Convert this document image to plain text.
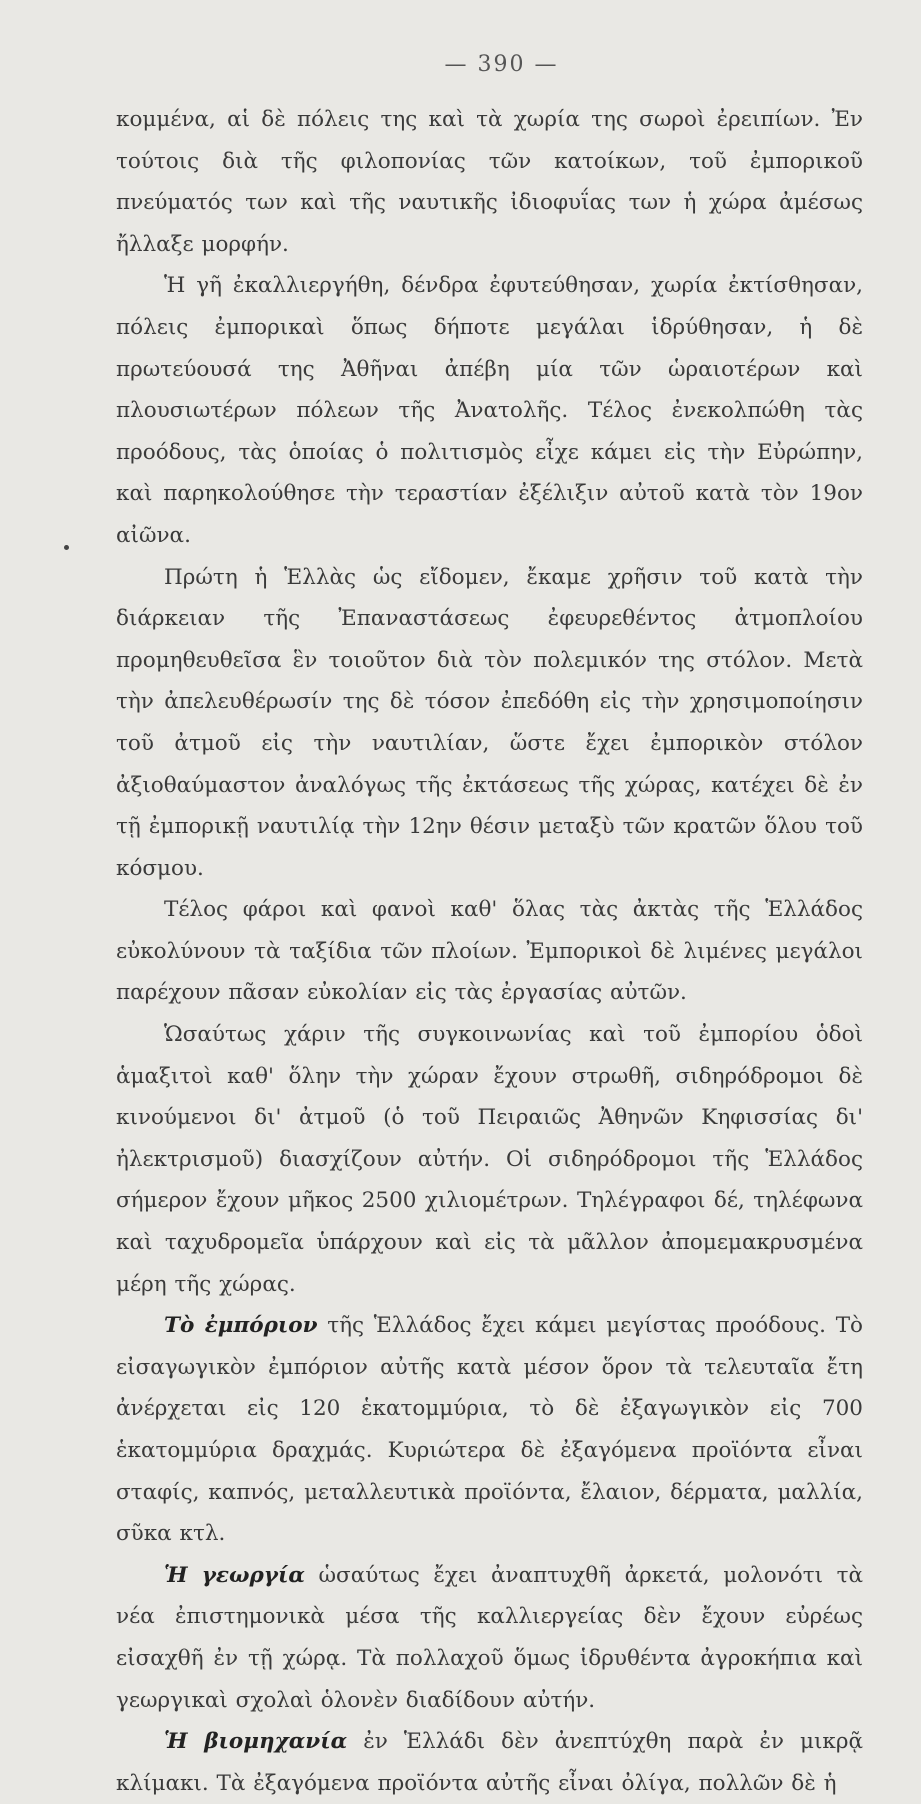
— 390 —

κομμένα, αἱ δὲ πόλεις της καὶ τὰ χωρία της σωροὶ ἐρειπίων. Ἐν τούτοις διὰ τῆς φιλοπονίας τῶν κατοίκων, τοῦ ἐμπορικοῦ πνεύματός των καὶ τῆς ναυτικῆς ἰδιοφυΐας των ἡ χώρα ἀμέσως ἤλλαξε μορφήν.

Ἡ γῆ ἐκαλλιεργήθη, δένδρα ἐφυτεύθησαν, χωρία ἐκτίσθησαν, πόλεις ἐμπορικαὶ ὅπως δήποτε μεγάλαι ἱδρύθησαν, ἡ δὲ πρωτεύουσά της Ἀθῆναι ἀπέβη μία τῶν ὡραιοτέρων καὶ πλουσιωτέρων πόλεων τῆς Ἀνατολῆς. Τέλος ἐνεκολπώθη τὰς προόδους, τὰς ὁποίας ὁ πολιτισμὸς εἶχε κάμει εἰς τὴν Εὐρώπην, καὶ παρηκολούθησε τὴν τεραστίαν ἐξέλιξιν αὐτοῦ κατὰ τὸν 19ον αἰῶνα.

Πρώτη ἡ Ἑλλὰς ὡς εἴδομεν, ἔκαμε χρῆσιν τοῦ κατὰ τὴν διάρκειαν τῆς Ἐπαναστάσεως ἐφευρεθέντος ἀτμοπλοίου προμηθευθεῖσα ἓν τοιοῦτον διὰ τὸν πολεμικόν της στόλον. Μετὰ τὴν ἀπελευθέρωσίν της δὲ τόσον ἐπεδόθη εἰς τὴν χρησιμοποίησιν τοῦ ἀτμοῦ εἰς τὴν ναυτιλίαν, ὥστε ἔχει ἐμπορικὸν στόλον ἀξιοθαύμαστον ἀναλόγως τῆς ἐκτάσεως τῆς χώρας, κατέχει δὲ ἐν τῇ ἐμπορικῇ ναυτιλίᾳ τὴν 12ην θέσιν μεταξὺ τῶν κρατῶν ὅλου τοῦ κόσμου.

Τέλος φάροι καὶ φανοὶ καθ' ὅλας τὰς ἀκτὰς τῆς Ἑλλάδος εὐκολύνουν τὰ ταξίδια τῶν πλοίων. Ἐμπορικοὶ δὲ λιμένες μεγάλοι παρέχουν πᾶσαν εὐκολίαν εἰς τὰς ἐργασίας αὐτῶν.

Ὡσαύτως χάριν τῆς συγκοινωνίας καὶ τοῦ ἐμπορίου ὁδοὶ ἁμαξιτοὶ καθ' ὅλην τὴν χώραν ἔχουν στρωθῆ, σιδηρόδρομοι δὲ κινούμενοι δι' ἀτμοῦ (ὁ τοῦ Πειραιῶς Ἀθηνῶν Κηφισσίας δι' ἠλεκτρισμοῦ) διασχίζουν αὐτήν. Οἱ σιδηρόδρομοι τῆς Ἑλλάδος σήμερον ἔχουν μῆκος 2500 χιλιομέτρων. Τηλέγραφοι δέ, τηλέφωνα καὶ ταχυδρομεῖα ὑπάρχουν καὶ εἰς τὰ μᾶλλον ἀπομεμακρυσμένα μέρη τῆς χώρας.

Τὸ ἐμπόριον τῆς Ἑλλάδος ἔχει κάμει μεγίστας προόδους. Τὸ εἰσαγωγικὸν ἐμπόριον αὐτῆς κατὰ μέσον ὅρον τὰ τελευταῖα ἔτη ἀνέρχεται εἰς 120 ἑκατομμύρια, τὸ δὲ ἐξαγωγικὸν εἰς 700 ἑκατομμύρια δραχμάς. Κυριώτερα δὲ ἐξαγόμενα προϊόντα εἶναι σταφίς, καπνός, μεταλλευτικὰ προϊόντα, ἔλαιον, δέρματα, μαλλία, σῦκα κτλ.

Ἡ γεωργία ὡσαύτως ἔχει ἀναπτυχθῆ ἀρκετά, μολονότι τὰ νέα ἐπιστημονικὰ μέσα τῆς καλλιεργείας δὲν ἔχουν εὐρέως εἰσαχθῆ ἐν τῇ χώρᾳ. Τὰ πολλαχοῦ ὅμως ἱδρυθέντα ἀγροκήπια καὶ γεωργικαὶ σχολαὶ ὁλονὲν διαδίδουν αὐτήν.

Ἡ βιομηχανία ἐν Ἑλλάδι δὲν ἀνεπτύχθη παρὰ ἐν μικρᾷ κλίμακι. Τὰ ἐξαγόμενα προϊόντα αὐτῆς εἶναι ὀλίγα, πολλῶν δὲ ἡ
